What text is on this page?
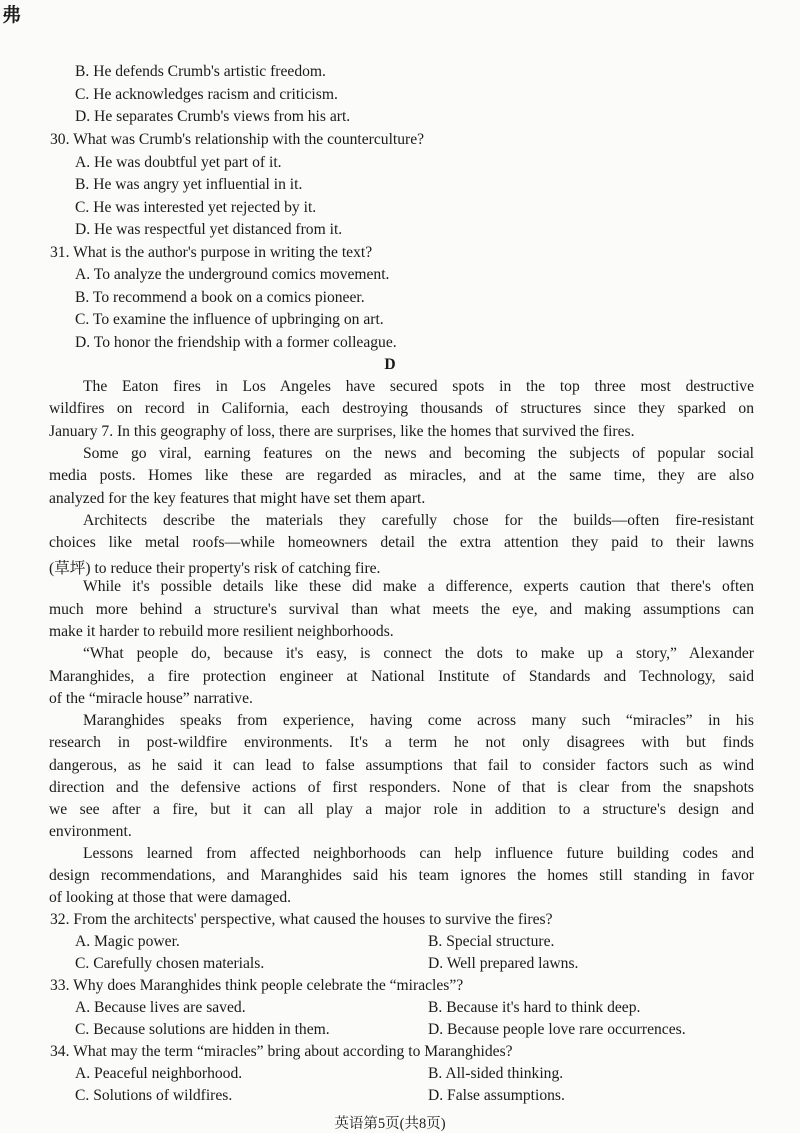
弗
B. He defends Crumb's artistic freedom.
C. He acknowledges racism and criticism.
D. He separates Crumb's views from his art.
30. What was Crumb's relationship with the counterculture?
A. He was doubtful yet part of it.
B. He was angry yet influential in it.
C. He was interested yet rejected by it.
D. He was respectful yet distanced from it.
31. What is the author's purpose in writing the text?
A. To analyze the underground comics movement.
B. To recommend a book on a comics pioneer.
C. To examine the influence of upbringing on art.
D. To honor the friendship with a former colleague.
D
The Eaton fires in Los Angeles have secured spots in the top three most destructive
wildfires on record in California, each destroying thousands of structures since they sparked on
January 7. In this geography of loss, there are surprises, like the homes that survived the fires.
Some go viral, earning features on the news and becoming the subjects of popular social
media posts. Homes like these are regarded as miracles, and at the same time, they are also
analyzed for the key features that might have set them apart.
Architects describe the materials they carefully chose for the builds—often fire-resistant
choices like metal roofs—while homeowners detail the extra attention they paid to their lawns
(草坪) to reduce their property's risk of catching fire.
While it's possible details like these did make a difference, experts caution that there's often
much more behind a structure's survival than what meets the eye, and making assumptions can
make it harder to rebuild more resilient neighborhoods.
“What people do, because it's easy, is connect the dots to make up a story,” Alexander
Maranghides, a fire protection engineer at National Institute of Standards and Technology, said
of the “miracle house” narrative.
Maranghides speaks from experience, having come across many such “miracles” in his
research in post-wildfire environments. It's a term he not only disagrees with but finds
dangerous, as he said it can lead to false assumptions that fail to consider factors such as wind
direction and the defensive actions of first responders. None of that is clear from the snapshots
we see after a fire, but it can all play a major role in addition to a structure's design and
environment.
Lessons learned from affected neighborhoods can help influence future building codes and
design recommendations, and Maranghides said his team ignores the homes still standing in favor
of looking at those that were damaged.
32. From the architects' perspective, what caused the houses to survive the fires?
A. Magic power.	B. Special structure.
C. Carefully chosen materials.	D. Well prepared lawns.
33. Why does Maranghides think people celebrate the “miracles”?
A. Because lives are saved.	B. Because it's hard to think deep.
C. Because solutions are hidden in them.	D. Because people love rare occurrences.
34. What may the term “miracles” bring about according to Maranghides?
A. Peaceful neighborhood.	B. All-sided thinking.
C. Solutions of wildfires.	D. False assumptions.
英语第5页(共8页)
